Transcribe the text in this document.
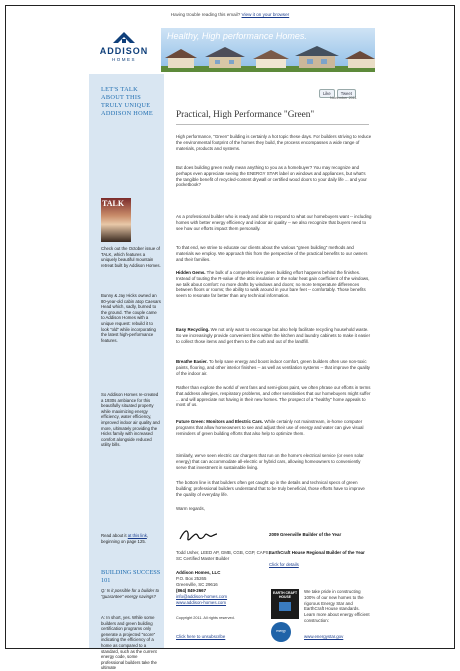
Having trouble reading this email? View it on your browser
ADDISON
HOMES
Healthy, High performance Homes.
LET'S TALK ABOUT THIS TRULY UNIQUE ADDISON HOME
TALK
Check out the October issue of TALK, which features a uniquely beautiful mountain retreat built by Addison Homes.
Bunny & Jay Hicks owned an 80-year-old cabin atop Caesars Head which, sadly, burned to the ground. The couple came to Addison Homes with a unique request: rebuild it to look "old" while incorporating the latest high-performance features.
So Addison Homes re-created a 1930s ambiance for this beautifully situated property while maximizing energy efficiency, water efficiency, improved indoor air quality and more, ultimately providing the Hicks family with increased comfort alongside reduced utility bills.
Read about it at this link, beginning on page 125.
BUILDING SUCCESS 101
Q: Is it possible for a builder to "guarantee" energy savings?
A: In short, yes. While some builders and green building certification programs only generate a projected "score" indicating the efficiency of a home as compared to a standard, such as the current energy code, some professional builders take the ultimate
Like Tweet
November 2011
Practical, High Performance "Green"

High performance, "Green" building is certainly a hot topic these days. For builders striving to reduce the environmental footprint of the homes they build, the process encompasses a wide range of materials, products and systems.

But does building green really mean anything to you as a homebuyer? You may recognize and perhaps even appreciate seeing the ENERGY STAR label on windows and appliances, but what's the tangible benefit of recycled-content drywall or certified wood doors to your daily life ... and your pocketbook?

As a professional builder who is ready and able to respond to what our homebuyers want -- including homes with better energy efficiency and indoor air quality -- we also recognize that buyers need to see how our efforts impact them personally.

To that end, we strive to educate our clients about the various "green building" methods and materials we employ. We approach this from the perspective of the practical benefits to our owners and their families.

Hidden Gems. The bulk of a comprehensive green building effort happens behind the finishes. Instead of touting the R-value of the attic insulation or the solar heat gain coefficient of the windows, we talk about comfort: no more drafts by windows and doors; no more temperature differences between floors or rooms; the ability to walk around in your bare feet -- comfortably. Those benefits seem to resonate far better than any technical information.

Easy Recycling. We not only want to encourage but also help facilitate recycling household waste. So we increasingly provide convenient bins within the kitchen and laundry cabinets to make it easier to collect those items and get them to the curb and out of the landfill.

Breathe Easier. To help save energy and boost indoor comfort, green builders often use non-toxic paints, flooring, and other interior finishes -- as well as ventilation systems -- that improve the quality of the indoor air.

Rather than explore the world of vent fans and semi-gloss paint, we often phrase our efforts in terms that address allergies, respiratory problems, and other sensitivities that our homebuyers might suffer ... and will appreciate not having in their new homes. The prospect of a "healthy" home appeals to most of us.

Future Green: Monitors and Electric Cars. While certainly not mainstream, in-home computer programs that allow homeowners to see and adjust their use of energy and water can give visual reminders of green building efforts that also help to optimize them.

Similarly, we've seen electric car chargers that run on the home's electrical service (or even solar energy) that can accommodate all-electric or hybrid cars, allowing homeowners to conveniently serve that investment in sustainable living.

The bottom line is that builders often get caught up in the details and technical specs of green building; professional builders understand that to be truly beneficial, those efforts have to improve the quality of everyday life.

Warm regards,

Todd Usher, LEED AP, GMB, CGB, CGP, CAPS, SC Certified Master Builder

Addison Homes, LLC

P.O. Box 25265

Greenville, SC 29616

(864) 849-2667

info@addison-homes.com

www.addison-homes.com

Copyright 2011. All rights reserved.

Click here to unsubscribe

2009 Greenville Builder of the Year
EarthCraft House Regional Builder of the Year
Click for details
EARTH CRAFT HOUSE
energy
We take pride in constructing 100% of our new homes to the rigorous Energy Star and EarthCraft House standards. Learn more about energy efficient construction:
www.energystar.gov
